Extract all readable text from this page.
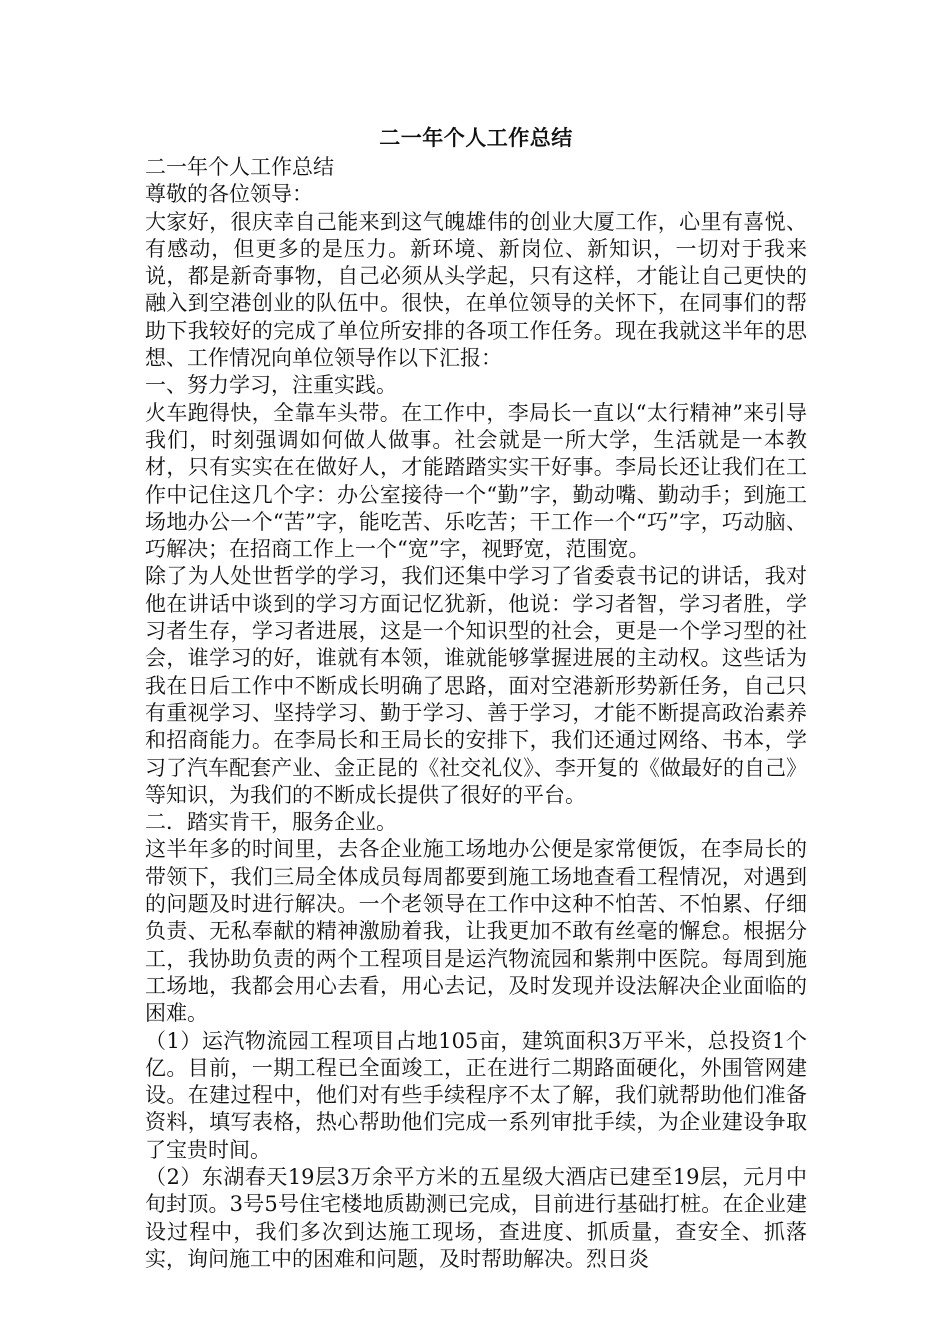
二一年个人工作总结

二一年个人工作总结

尊敬的各位领导：

大家好，很庆幸自己能来到这气魄雄伟的创业大厦工作，心里有喜悦、有感动，但更多的是压力。新环境、新岗位、新知识，一切对于我来说，都是新奇事物，自己必须从头学起，只有这样，才能让自己更快的融入到空港创业的队伍中。很快，在单位领导的关怀下，在同事们的帮助下我较好的完成了单位所安排的各项工作任务。现在我就这半年的思想、工作情况向单位领导作以下汇报：

一、努力学习，注重实践。

火车跑得快，全靠车头带。在工作中，李局长一直以“太行精神”来引导我们，时刻强调如何做人做事。社会就是一所大学，生活就是一本教材，只有实实在在做好人，才能踏踏实实干好事。李局长还让我们在工作中记住这几个字：办公室接待一个“勤”字，勤动嘴、勤动手；到施工场地办公一个“苦”字，能吃苦、乐吃苦；干工作一个“巧”字，巧动脑、巧解决；在招商工作上一个“宽”字，视野宽，范围宽。

除了为人处世哲学的学习，我们还集中学习了省委袁书记的讲话，我对他在讲话中谈到的学习方面记忆犹新，他说：学习者智，学习者胜，学习者生存，学习者进展，这是一个知识型的社会，更是一个学习型的社会，谁学习的好，谁就有本领，谁就能够掌握进展的主动权。这些话为我在日后工作中不断成长明确了思路，面对空港新形势新任务，自己只有重视学习、坚持学习、勤于学习、善于学习，才能不断提高政治素养和招商能力。在李局长和王局长的安排下，我们还通过网络、书本，学习了汽车配套产业、金正昆的《社交礼仪》、李开复的《做最好的自己》等知识，为我们的不断成长提供了很好的平台。

二．踏实肯干，服务企业。

这半年多的时间里，去各企业施工场地办公便是家常便饭，在李局长的带领下，我们三局全体成员每周都要到施工场地查看工程情况，对遇到的问题及时进行解决。一个老领导在工作中这种不怕苦、不怕累、仔细负责、无私奉献的精神激励着我，让我更加不敢有丝毫的懈怠。根据分工，我协助负责的两个工程项目是运汽物流园和紫荆中医院。每周到施工场地，我都会用心去看，用心去记，及时发现并设法解决企业面临的困难。

（1）运汽物流园工程项目占地105亩，建筑面积3万平米，总投资1个亿。目前，一期工程已全面竣工，正在进行二期路面硬化，外围管网建设。在建过程中，他们对有些手续程序不太了解，我们就帮助他们准备资料，填写表格，热心帮助他们完成一系列审批手续，为企业建设争取了宝贵时间。

（2）东湖春天19层3万余平方米的五星级大酒店已建至19层，元月中旬封顶。3号5号住宅楼地质勘测已完成，目前进行基础打桩。在企业建设过程中，我们多次到达施工现场，查进度、抓质量，查安全、抓落实，询问施工中的困难和问题，及时帮助解决。烈日炎
